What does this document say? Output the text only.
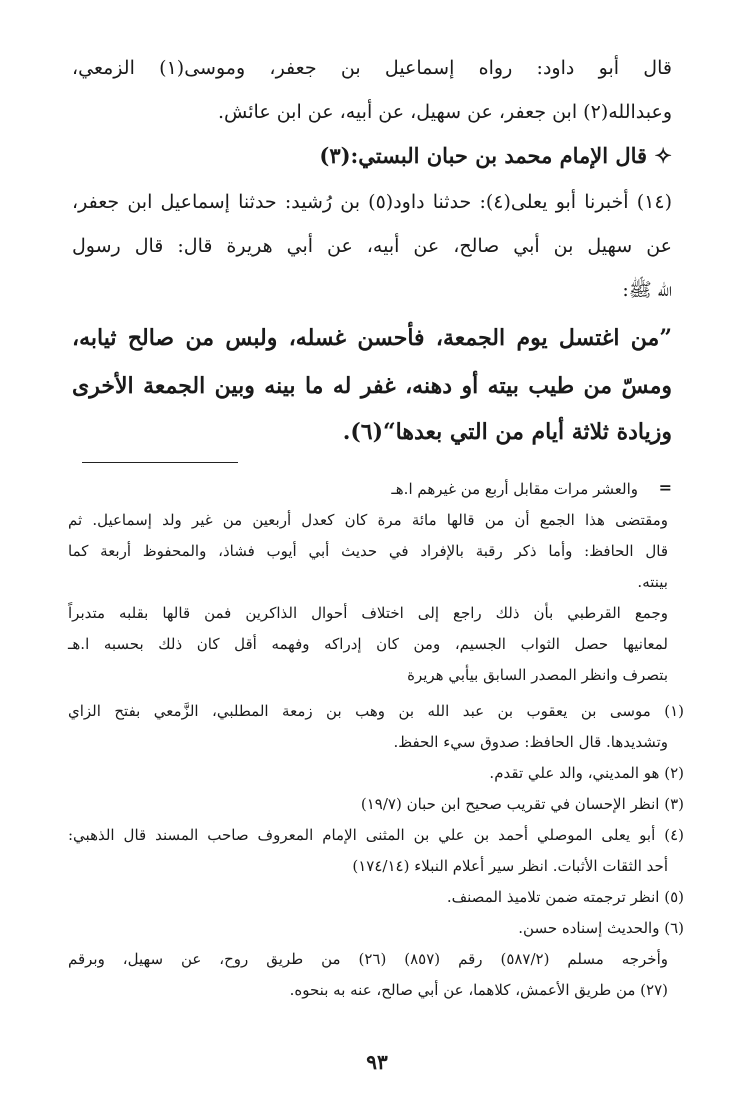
قال أبو داود: رواه إسماعيل بن جعفر، وموسى(١) الزمعي،
وعبدالله(٢) ابن جعفر، عن سهيل، عن أبيه، عن ابن عائش.
✧ قال الإمام محمد بن حبان البستي:(٣)
(١٤) أخبرنا أبو يعلى(٤): حدثنا داود(٥) بن رُشيد: حدثنا إسماعيل ابن جعفر،
عن سهيل بن أبي صالح، عن أبيه، عن أبي هريرة قال: قال رسول
الله ﷺ:
”من اغتسل يوم الجمعة، فأحسن غسله، ولبس من صالح ثيابه،
ومسّ من طيب بيته أو دهنه، غفر له ما بينه وبين الجمعة الأخرى
وزيادة ثلاثة أيام من التي بعدها“(٦).
=
والعشر مرات مقابل أربع من غيرهم ا.هـ
ومقتضى هذا الجمع أن من قالها مائة مرة كان كعدل أربعين من غير ولد إسماعيل. ثم
قال الحافظ: وأما ذكر رقبة بالإفراد في حديث أبي أيوب فشاذ، والمحفوظ أربعة كما
بينته.
وجمع القرطبي بأن ذلك راجع إلى اختلاف أحوال الذاكرين فمن قالها بقلبه متدبراً
لمعانيها حصل الثواب الجسيم، ومن كان إدراكه وفهمه أقل كان ذلك بحسبه ا.هـ
بتصرف وانظر المصدر السابق بيأبي هريرة
(١) موسى بن يعقوب بن عبد الله بن وهب بن زمعة المطلبي، الزَّمعي بفتح الزاي
وتشديدها. قال الحافظ: صدوق سيء الحفظ.
(٢) هو المديني، والد علي تقدم.
(٣) انظر الإحسان في تقريب صحيح ابن حبان (١٩/٧)
(٤) أبو يعلى الموصلي أحمد بن علي بن المثنى الإمام المعروف صاحب المسند قال الذهبي:
أحد الثقات الأثبات. انظر سير أعلام النبلاء (١٧٤/١٤)
(٥) انظر ترجمته ضمن تلاميذ المصنف.
(٦) والحديث إسناده حسن.
وأخرجه مسلم (٥٨٧/٢) رقم (٨٥٧) (٢٦) من طريق روح، عن سهيل، وبرقم
(٢٧) من طريق الأعمش، كلاهما، عن أبي صالح، عنه به بنحوه.
٩٣
